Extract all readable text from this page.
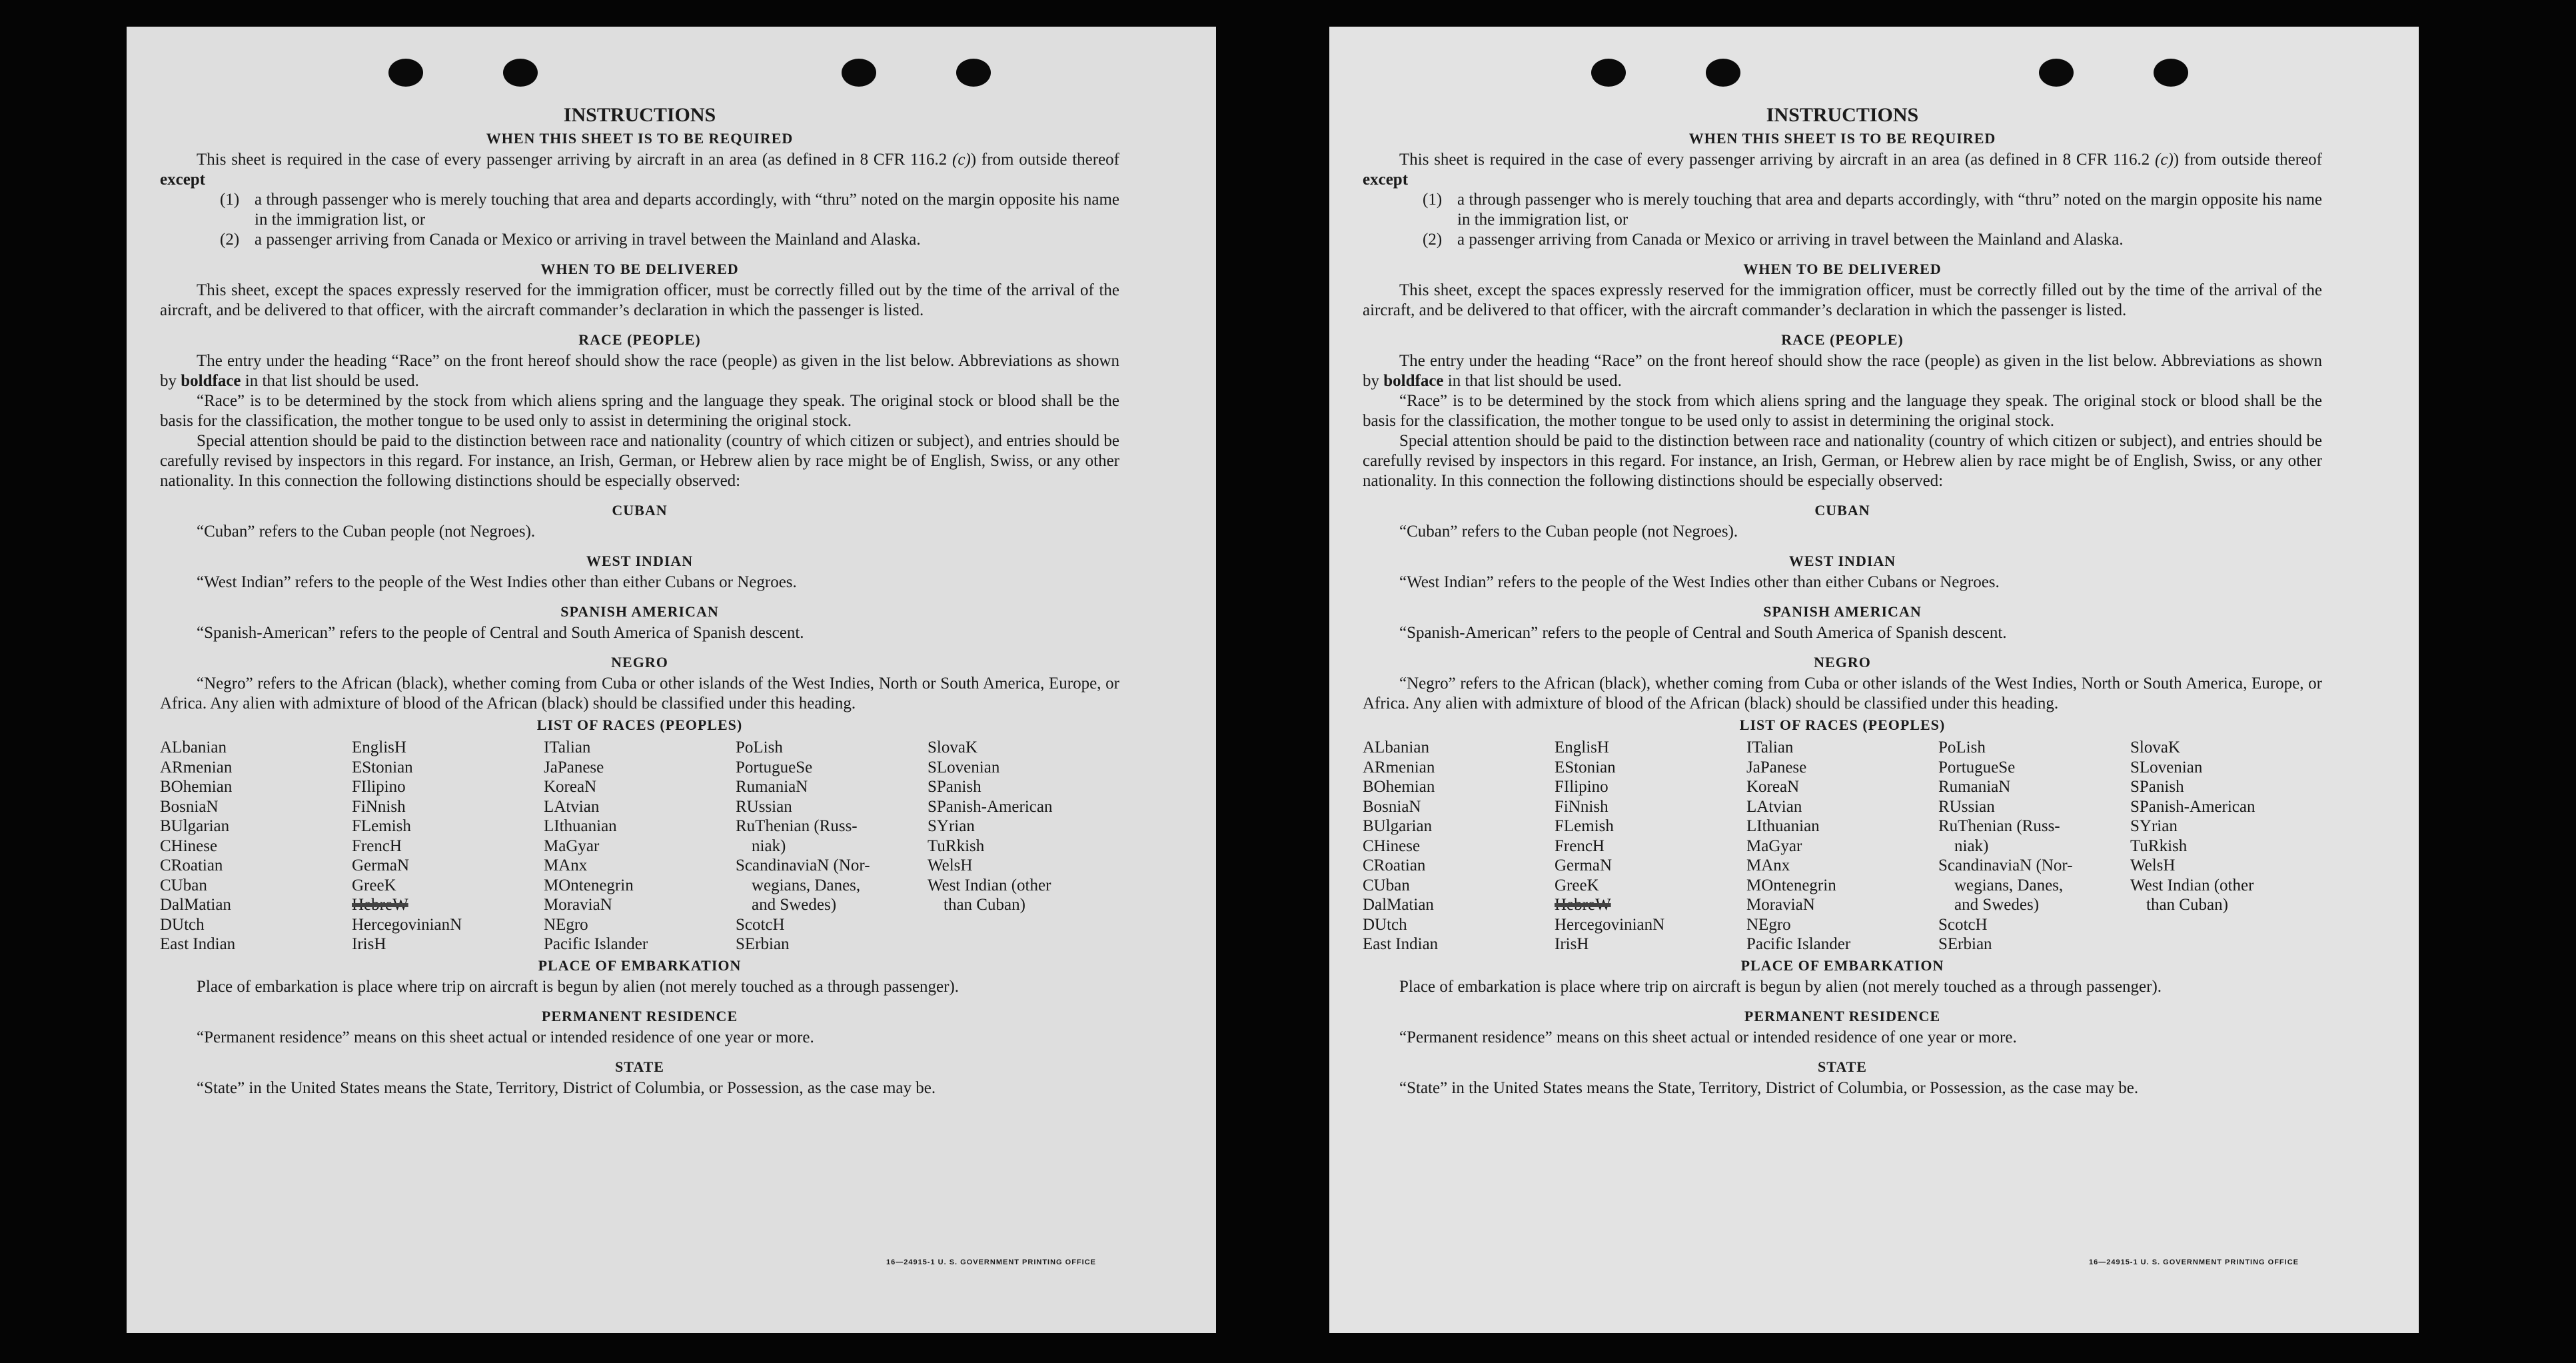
INSTRUCTIONS
WHEN THIS SHEET IS TO BE REQUIRED

This sheet is required in the case of every passenger arriving by aircraft in an area (as defined in 8 CFR 116.2 (c)) from outside thereof except

(1) a through passenger who is merely touching that area and departs accordingly, with “thru” noted on the margin opposite his name in the immigration list, or
(2) a passenger arriving from Canada or Mexico or arriving in travel between the Mainland and Alaska.
WHEN TO BE DELIVERED

This sheet, except the spaces expressly reserved for the immigration officer, must be correctly filled out by the time of the arrival of the aircraft, and be delivered to that officer, with the aircraft commander’s declaration in which the passenger is listed.

RACE (PEOPLE)

The entry under the heading “Race” on the front hereof should show the race (people) as given in the list below. Abbreviations as shown by boldface in that list should be used.

“Race” is to be determined by the stock from which aliens spring and the language they speak. The original stock or blood shall be the basis for the classification, the mother tongue to be used only to assist in determining the original stock.

Special attention should be paid to the distinction between race and nationality (country of which citizen or subject), and entries should be carefully revised by inspectors in this regard. For instance, an Irish, German, or Hebrew alien by race might be of English, Swiss, or any other nationality. In this connection the following distinctions should be especially observed:

CUBAN

“Cuban” refers to the Cuban people (not Negroes).

WEST INDIAN

“West Indian” refers to the people of the West Indies other than either Cubans or Negroes.

SPANISH AMERICAN

“Spanish-American” refers to the people of Central and South America of Spanish descent.

NEGRO

“Negro” refers to the African (black), whether coming from Cuba or other islands of the West Indies, North or South America, Europe, or Africa. Any alien with admixture of blood of the African (black) should be classified under this heading.

LIST OF RACES (PEOPLES)
ALbanian
ARmenian
BOhemian
BosniaN
BUlgarian
CHinese
CRoatian
CUban
DalMatian
DUtch
East Indian
EnglisH
EStonian
FIlipino
FiNnish
FLemish
FrencH
GermaN
GreeK
HebreW
HercegovinianN
IrisH
ITalian
JaPanese
KoreaN
LAtvian
LIthuanian
MaGyar
MAnx
MOntenegrin
MoraviaN
NEgro
Pacific Islander
PoLish
PortugueSe
RumaniaN
RUssian
RuThenian (Russ-
niak)
ScandinaviaN (Nor-
wegians, Danes,
and Swedes)
ScotcH
SErbian
SlovaK
SLovenian
SPanish
SPanish-American
SYrian
TuRkish
WelsH
West Indian (other
than Cuban)
PLACE OF EMBARKATION

Place of embarkation is place where trip on aircraft is begun by alien (not merely touched as a through passenger).

PERMANENT RESIDENCE

“Permanent residence” means on this sheet actual or intended residence of one year or more.

STATE

“State” in the United States means the State, Territory, District of Columbia, or Possession, as the case may be.

16—24915-1 U. S. GOVERNMENT PRINTING OFFICE
INSTRUCTIONS
WHEN THIS SHEET IS TO BE REQUIRED

This sheet is required in the case of every passenger arriving by aircraft in an area (as defined in 8 CFR 116.2 (c)) from outside thereof except

(1) a through passenger who is merely touching that area and departs accordingly, with “thru” noted on the margin opposite his name in the immigration list, or
(2) a passenger arriving from Canada or Mexico or arriving in travel between the Mainland and Alaska.
WHEN TO BE DELIVERED

This sheet, except the spaces expressly reserved for the immigration officer, must be correctly filled out by the time of the arrival of the aircraft, and be delivered to that officer, with the aircraft commander’s declaration in which the passenger is listed.

RACE (PEOPLE)

The entry under the heading “Race” on the front hereof should show the race (people) as given in the list below. Abbreviations as shown by boldface in that list should be used.

“Race” is to be determined by the stock from which aliens spring and the language they speak. The original stock or blood shall be the basis for the classification, the mother tongue to be used only to assist in determining the original stock.

Special attention should be paid to the distinction between race and nationality (country of which citizen or subject), and entries should be carefully revised by inspectors in this regard. For instance, an Irish, German, or Hebrew alien by race might be of English, Swiss, or any other nationality. In this connection the following distinctions should be especially observed:

CUBAN

“Cuban” refers to the Cuban people (not Negroes).

WEST INDIAN

“West Indian” refers to the people of the West Indies other than either Cubans or Negroes.

SPANISH AMERICAN

“Spanish-American” refers to the people of Central and South America of Spanish descent.

NEGRO

“Negro” refers to the African (black), whether coming from Cuba or other islands of the West Indies, North or South America, Europe, or Africa. Any alien with admixture of blood of the African (black) should be classified under this heading.

LIST OF RACES (PEOPLES)
ALbanian
ARmenian
BOhemian
BosniaN
BUlgarian
CHinese
CRoatian
CUban
DalMatian
DUtch
East Indian
EnglisH
EStonian
FIlipino
FiNnish
FLemish
FrencH
GermaN
GreeK
HebreW
HercegovinianN
IrisH
ITalian
JaPanese
KoreaN
LAtvian
LIthuanian
MaGyar
MAnx
MOntenegrin
MoraviaN
NEgro
Pacific Islander
PoLish
PortugueSe
RumaniaN
RUssian
RuThenian (Russ-
niak)
ScandinaviaN (Nor-
wegians, Danes,
and Swedes)
ScotcH
SErbian
SlovaK
SLovenian
SPanish
SPanish-American
SYrian
TuRkish
WelsH
West Indian (other
than Cuban)
PLACE OF EMBARKATION

Place of embarkation is place where trip on aircraft is begun by alien (not merely touched as a through passenger).

PERMANENT RESIDENCE

“Permanent residence” means on this sheet actual or intended residence of one year or more.

STATE

“State” in the United States means the State, Territory, District of Columbia, or Possession, as the case may be.

16—24915-1 U. S. GOVERNMENT PRINTING OFFICE
